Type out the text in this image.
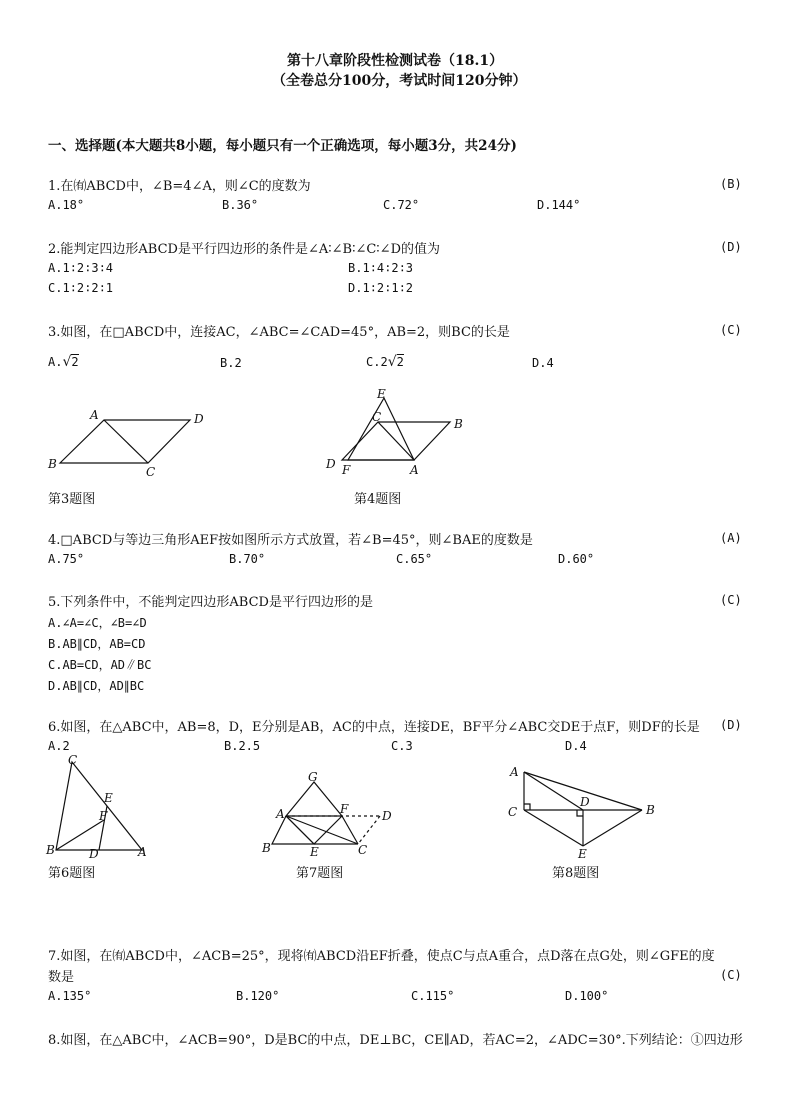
第十八章阶段性检测试卷（18.1）
（全卷总分100分，考试时间120分钟）
一、选择题(本大题共8小题，每小题只有一个正确选项，每小题3分，共24分)
1.在㈲ABCD中，∠B=4∠A，则∠C的度数为	(B)
A.18°	B.36°	C.72°	D.144°
2.能判定四边形ABCD是平行四边形的条件是∠A∶∠B∶∠C∶∠D的值为	(D)
A.1∶2∶3∶4	B.1∶4∶2∶3
C.1∶2∶2∶1	D.1∶2∶1∶2
3.如图，在□ABCD中，连接AC，∠ABC=∠CAD=45°，AB=2，则BC的长是	(C)
A.√2	B.2	C.2√2	D.4
A	D
B
C
第3题图
E
C	B
D F	A
第4题图
4.□ABCD与等边三角形AEF按如图所示方式放置，若∠B=45°，则∠BAE的度数是	(A)
A.75°	B.70°	C.65°	D.60°
5.下列条件中，不能判定四边形ABCD是平行四边形的是	(C)
A.∠A=∠C，∠B=∠D
B.AB∥CD，AB=CD
C.AB=CD，AD∥BC
D.AB∥CD，AD∥BC
6.如图，在△ABC中，AB=8，D，E分别是AB，AC的中点，连接DE，BF平分∠ABC交DE于点F，则DF的长是 (D)
A.2	B.2.5	C.3	D.4
C
E
F
B	D	A
第6题图
G
A	F	D
B	E	C
第7题图
A
C
D
B
E
第8题图
7.如图，在㈲ABCD中，∠ACB=25°，现将㈲ABCD沿EF折叠，使点C与点A重合，点D落在点G处，则∠GFE的度
数是	(C)
A.135°	B.120°	C.115°	D.100°
8.如图，在△ABC中，∠ACB=90°，D是BC的中点，DE⊥BC，CE∥AD，若AC=2，∠ADC=30°.下列结论：①四边形
